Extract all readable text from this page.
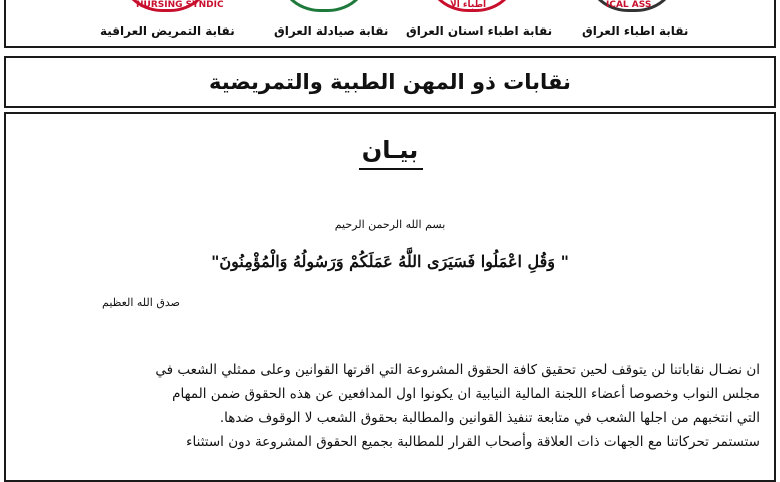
NURSING SYNDIC
نقابة التمريض العراقية	نقابة صيادلة العراق
أطباء الأ
نقابة اطباء اسنان العراق
ICAL ASS
نقابة اطباء العراق
نقابات ذو المهن الطبية والتمريضية
بيـان
بسم الله الرحمن الرحيم
" وَقُلِ اعْمَلُوا فَسَيَرَى اللَّهُ عَمَلَكُمْ وَرَسُولُهُ وَالْمُؤْمِنُونَ"
صدق الله العظيم
ان نضـال نقاباتنا لن يتوقف لحين تحقيق كافة الحقوق المشروعة التي اقرتها القوانين وعلى ممثلي الشعب في
مجلس النواب وخصوصا أعضاء اللجنة المالية النيابية ان يكونوا اول المدافعين عن هذه الحقوق ضمن المهام
التي انتخبهم من اجلها الشعب في متابعة تنفيذ القوانين والمطالبة بحقوق الشعب لا الوقوف ضدها.
ستستمر تحركاتنا مع الجهات ذات العلاقة وأصحاب القرار للمطالبة بجميع الحقوق المشروعة دون استثناء
